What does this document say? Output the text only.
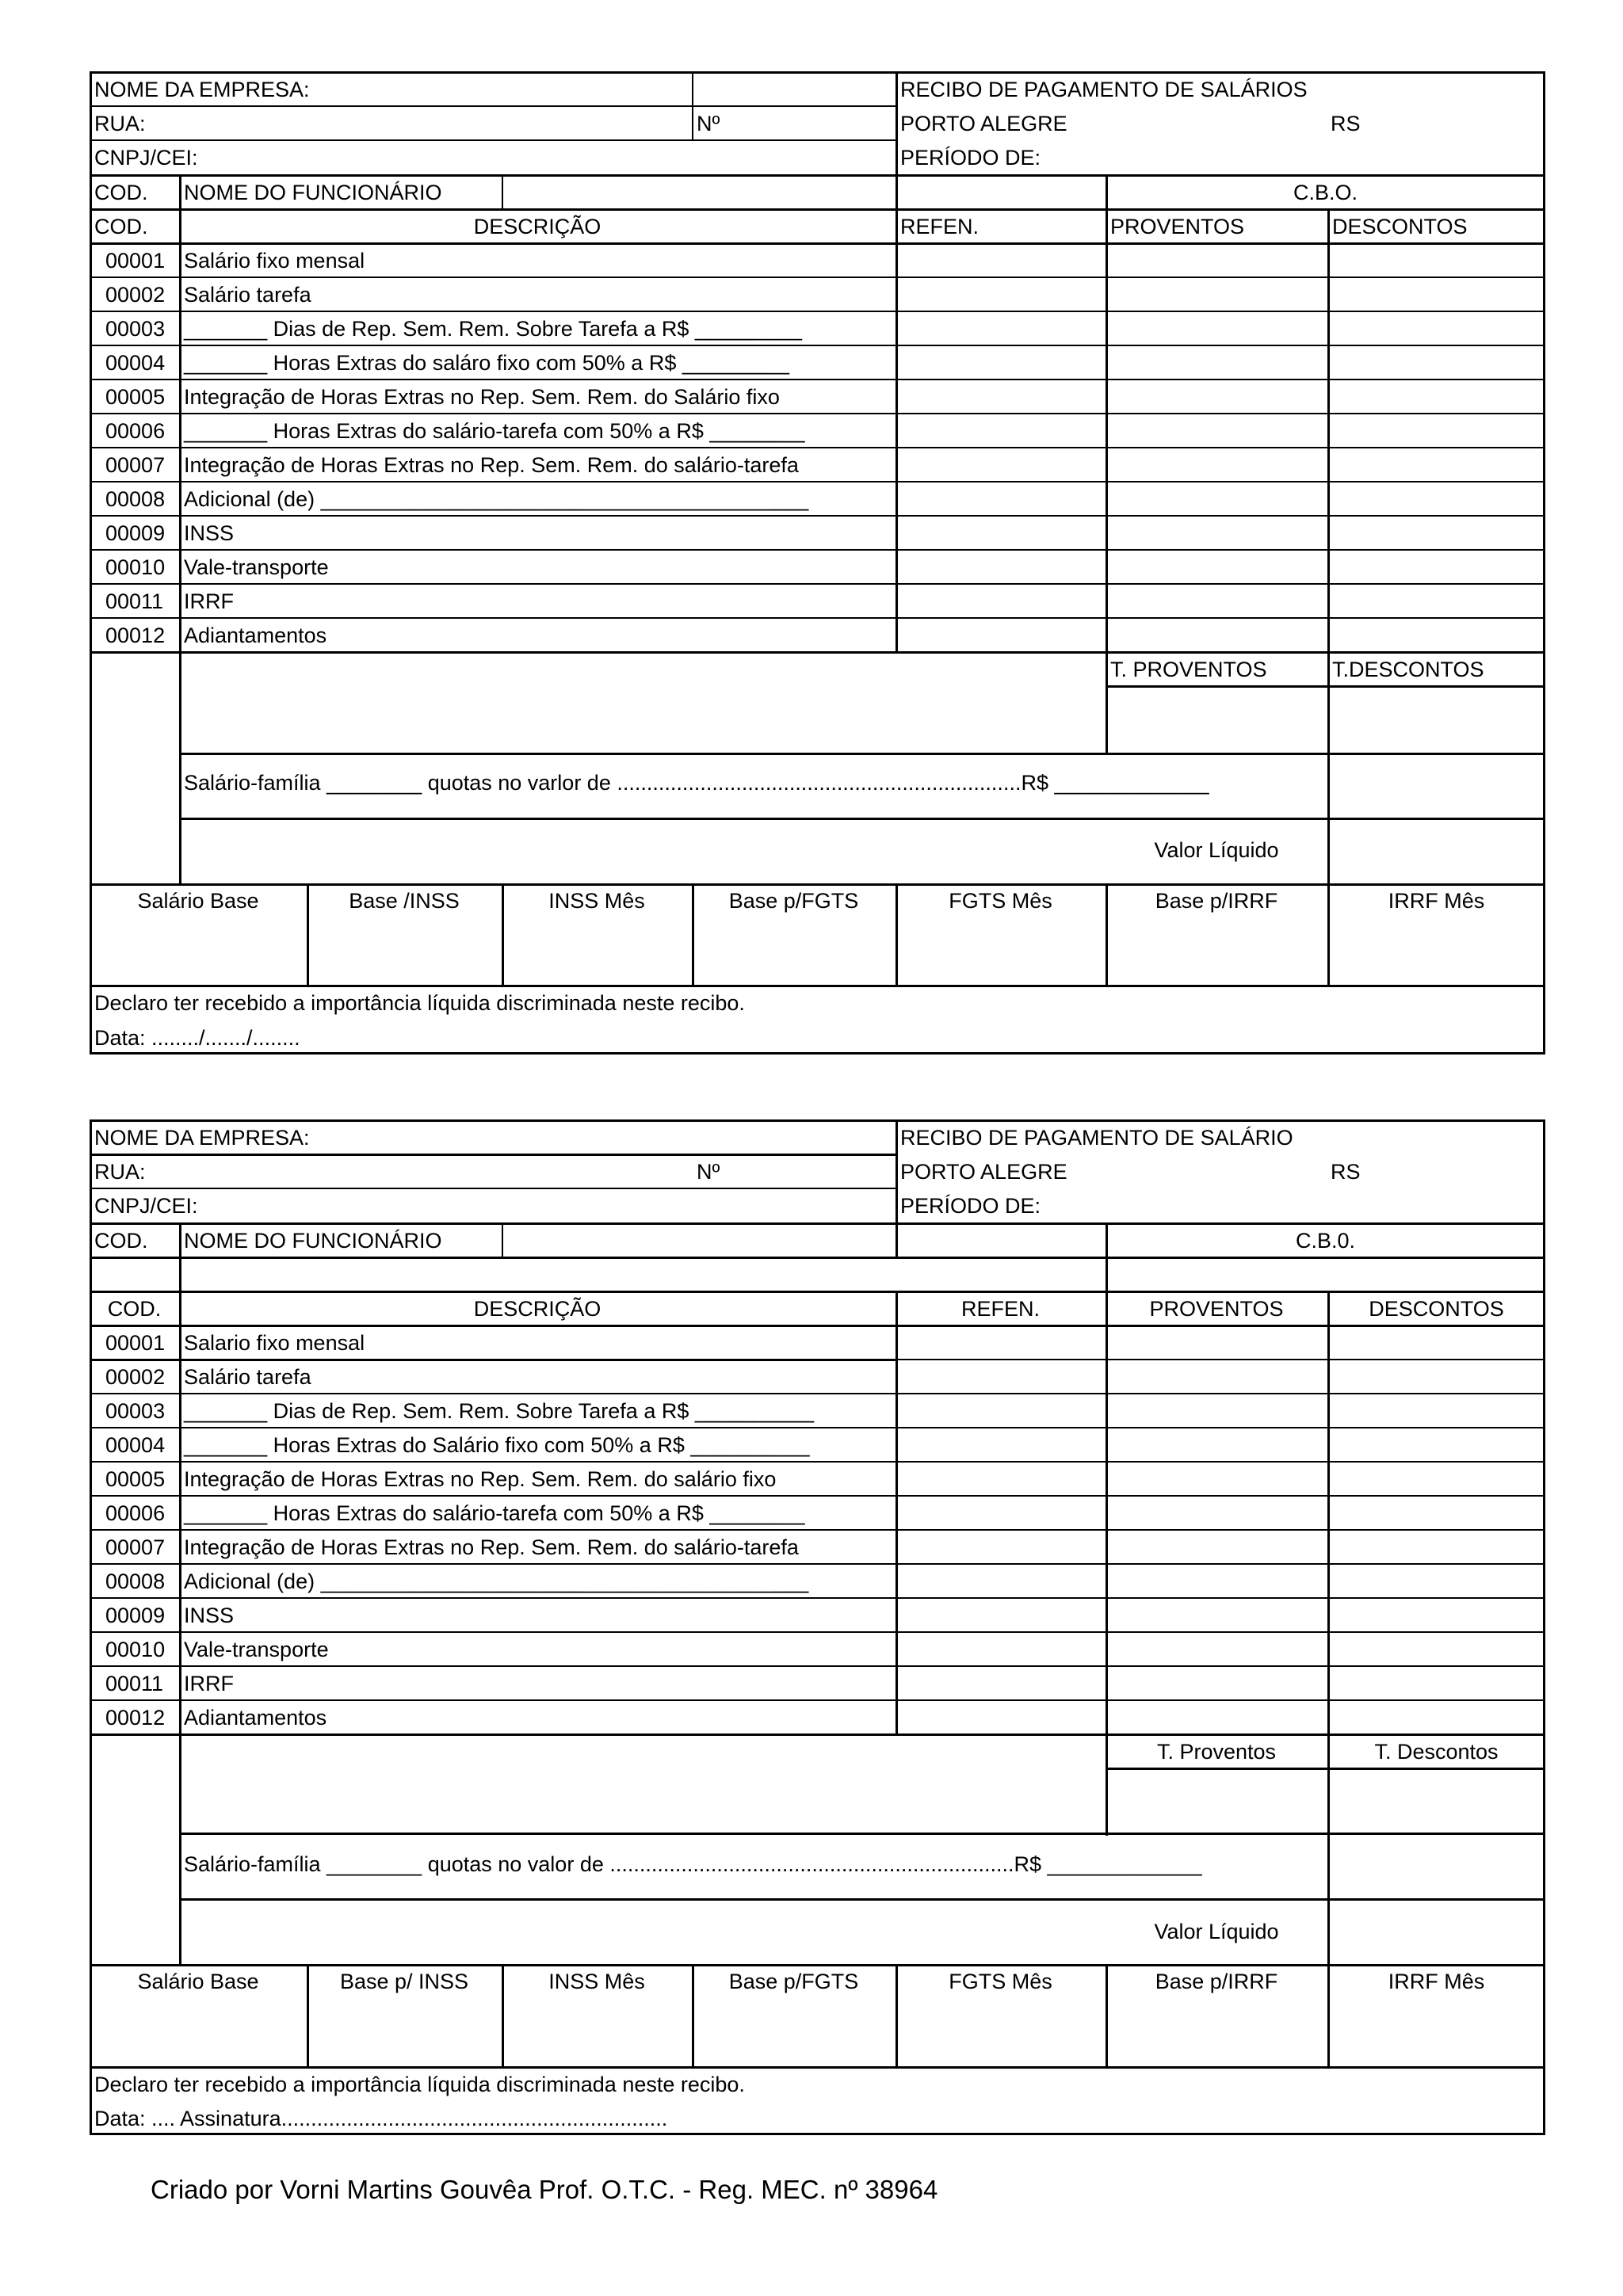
NOME DA EMPRESA:
RUA:	Nº
CNPJ/CEI:
RECIBO DE PAGAMENTO DE SALÁRIOS
PORTO ALEGRE	RS
PERÍODO DE:
COD. NOME DO FUNCIONÁRIO	C.B.O.
COD.	DESCRIÇÃO	REFEN.	PROVENTOS	DESCONTOS
00001 Salário fixo mensal
00002 Salário tarefa
00003 _______ Dias de Rep. Sem. Rem. Sobre Tarefa a R$ _________
00004 _______ Horas Extras do saláro fixo com 50% a R$ _________
00005 Integração de Horas Extras no Rep. Sem. Rem. do Salário fixo
00006 _______ Horas Extras do salário-tarefa com 50% a R$ ________
00007 Integração de Horas Extras no Rep. Sem. Rem. do salário-tarefa
00008 Adicional (de) _________________________________________
00009 INSS
00010 Vale-transporte
00011 IRRF
00012 Adiantamentos
T. PROVENTOS	T.DESCONTOS
Salário-família ________ quotas no varlor de ....................................................................R$ _____________
Valor Líquido
Salário Base	Base /INSS	INSS Mês	Base p/FGTS	FGTS Mês	Base p/IRRF	IRRF Mês
Declaro ter recebido a importância líquida discriminada neste recibo.
Data: ......../......./........
NOME DA EMPRESA:
RUA:	Nº
CNPJ/CEI:
RECIBO DE PAGAMENTO DE SALÁRIO
PORTO ALEGRE	RS
PERÍODO DE:
COD. NOME DO FUNCIONÁRIO	C.B.0.
COD.	DESCRIÇÃO	REFEN.	PROVENTOS	DESCONTOS
00001 Salario fixo mensal
00002 Salário tarefa
00003 _______ Dias de Rep. Sem. Rem. Sobre Tarefa a R$ __________
00004 _______ Horas Extras do Salário fixo com 50% a R$ __________
00005 Integração de Horas Extras no Rep. Sem. Rem. do salário fixo
00006 _______ Horas Extras do salário-tarefa com 50% a R$ ________
00007 Integração de Horas Extras no Rep. Sem. Rem. do salário-tarefa
00008 Adicional (de) _________________________________________
00009 INSS
00010 Vale-transporte
00011 IRRF
00012 Adiantamentos
T. Proventos	T. Descontos
Salário-família ________ quotas no valor de ....................................................................R$ _____________
Valor Líquido
Salário Base	Base p/ INSS	INSS Mês	Base p/FGTS	FGTS Mês	Base p/IRRF	IRRF Mês
Declaro ter recebido a importância líquida discriminada neste recibo.
Data: .... Assinatura.................................................................
Criado por Vorni Martins Gouvêa Prof. O.T.C. - Reg. MEC. nº 38964
